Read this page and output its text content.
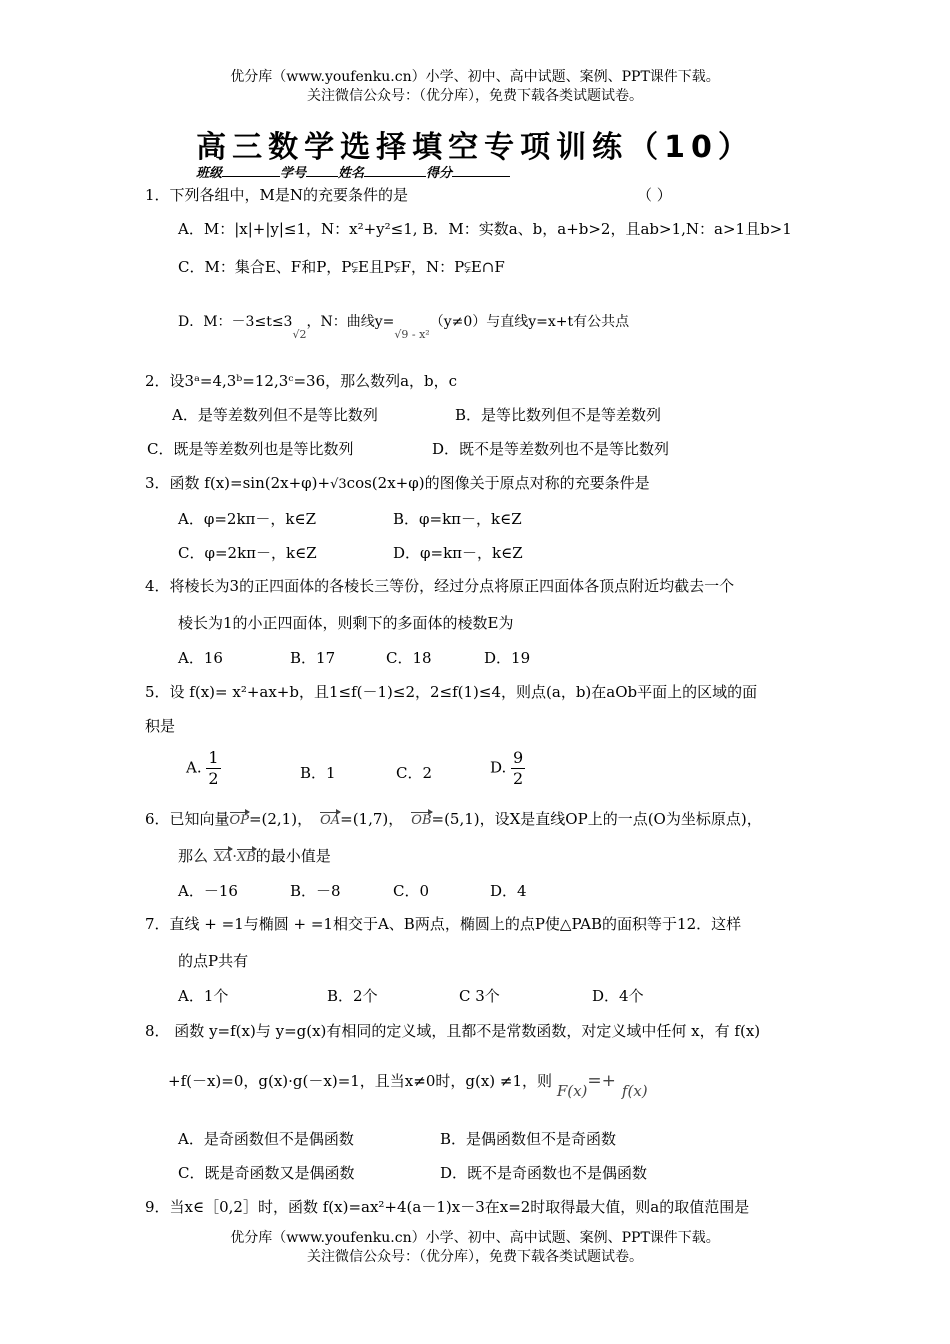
优分库（www.youfenku.cn）小学、初中、高中试题、案例、PPT课件下载。
关注微信公众号：（优分库），免费下载各类试题试卷。
高三数学选择填空专项训练（10）
班级	学号 姓名	得分
1．下列各组中，M是N的充要条件的是	（ ）
A．M：|x|+|y|≤1，N：x²+y²≤1, B．M：实数a、b，a+b>2，且ab>1,N：a>1且b>1
C．M：集合E、F和P，P⫋E且P⫋F，N：P⫋E∩F
D．M：$-3\le t\le 3_{√2}$，N：曲线$y=_{√9 - x^2}(y\ne 0)$与直线y=x+t有公共点
2．设3ᵃ=4,3ᵇ=12,3ᶜ=36，那么数列a，b，c
A．是等差数列但不是等比数列	B．是等比数列但不是等差数列
C．既是等差数列也是等比数列	D．既不是等差数列也不是等比数列
3．函数 f(x)=sin(2x+φ)+√3cos(2x+φ)的图像关于原点对称的充要条件是
A．φ=2kπ－，k∈Z	B．φ=kπ－，k∈Z
C．φ=2kπ－，k∈Z	D．φ=kπ－，k∈Z
4．将棱长为3的正四面体的各棱长三等份，经过分点将原正四面体各顶点附近均截去一个
棱长为1的小正四面体，则剩下的多面体的棱数E为
A．16	B．17	C．18	D．19
5．设 f(x)= x²+ax+b，且1≤f(－1)≤2，2≤f(1)≤4，则点(a，b)在aOb平面上的区域的面
积是
A. $\frac{1}{2}$	B．1	C．2	D. $\frac{9}{2}$
6．已知向量OP=(2,1)， OA=(1,7)， OB=(5,1)，设X是直线OP上的一点(O为坐标原点)，
那么 XA·XB的最小值是
A．－16	B．－8	C．0	D．4
7．直线 + =1与椭圆 + =1相交于A、B两点，椭圆上的点P使△PAB的面积等于12．这样
的点P共有
A．1个	B．2个	C 3个	D．4个
8． 函数 y=f(x)与 y=g(x)有相同的定义域，且都不是常数函数，对定义域中任何 x，有 f(x)
+f(－x)=0，g(x)·g(－x)=1，且当x≠0时，g(x) ≠1，则 F(x)=+ f(x)
A．是奇函数但不是偶函数	B．是偶函数但不是奇函数
C．既是奇函数又是偶函数	D．既不是奇函数也不是偶函数
9．当x∈［0,2］时，函数 f(x)=ax²+4(a－1)x－3在x=2时取得最大值，则a的取值范围是
优分库（www.youfenku.cn）小学、初中、高中试题、案例、PPT课件下载。
关注微信公众号：（优分库），免费下载各类试题试卷。
